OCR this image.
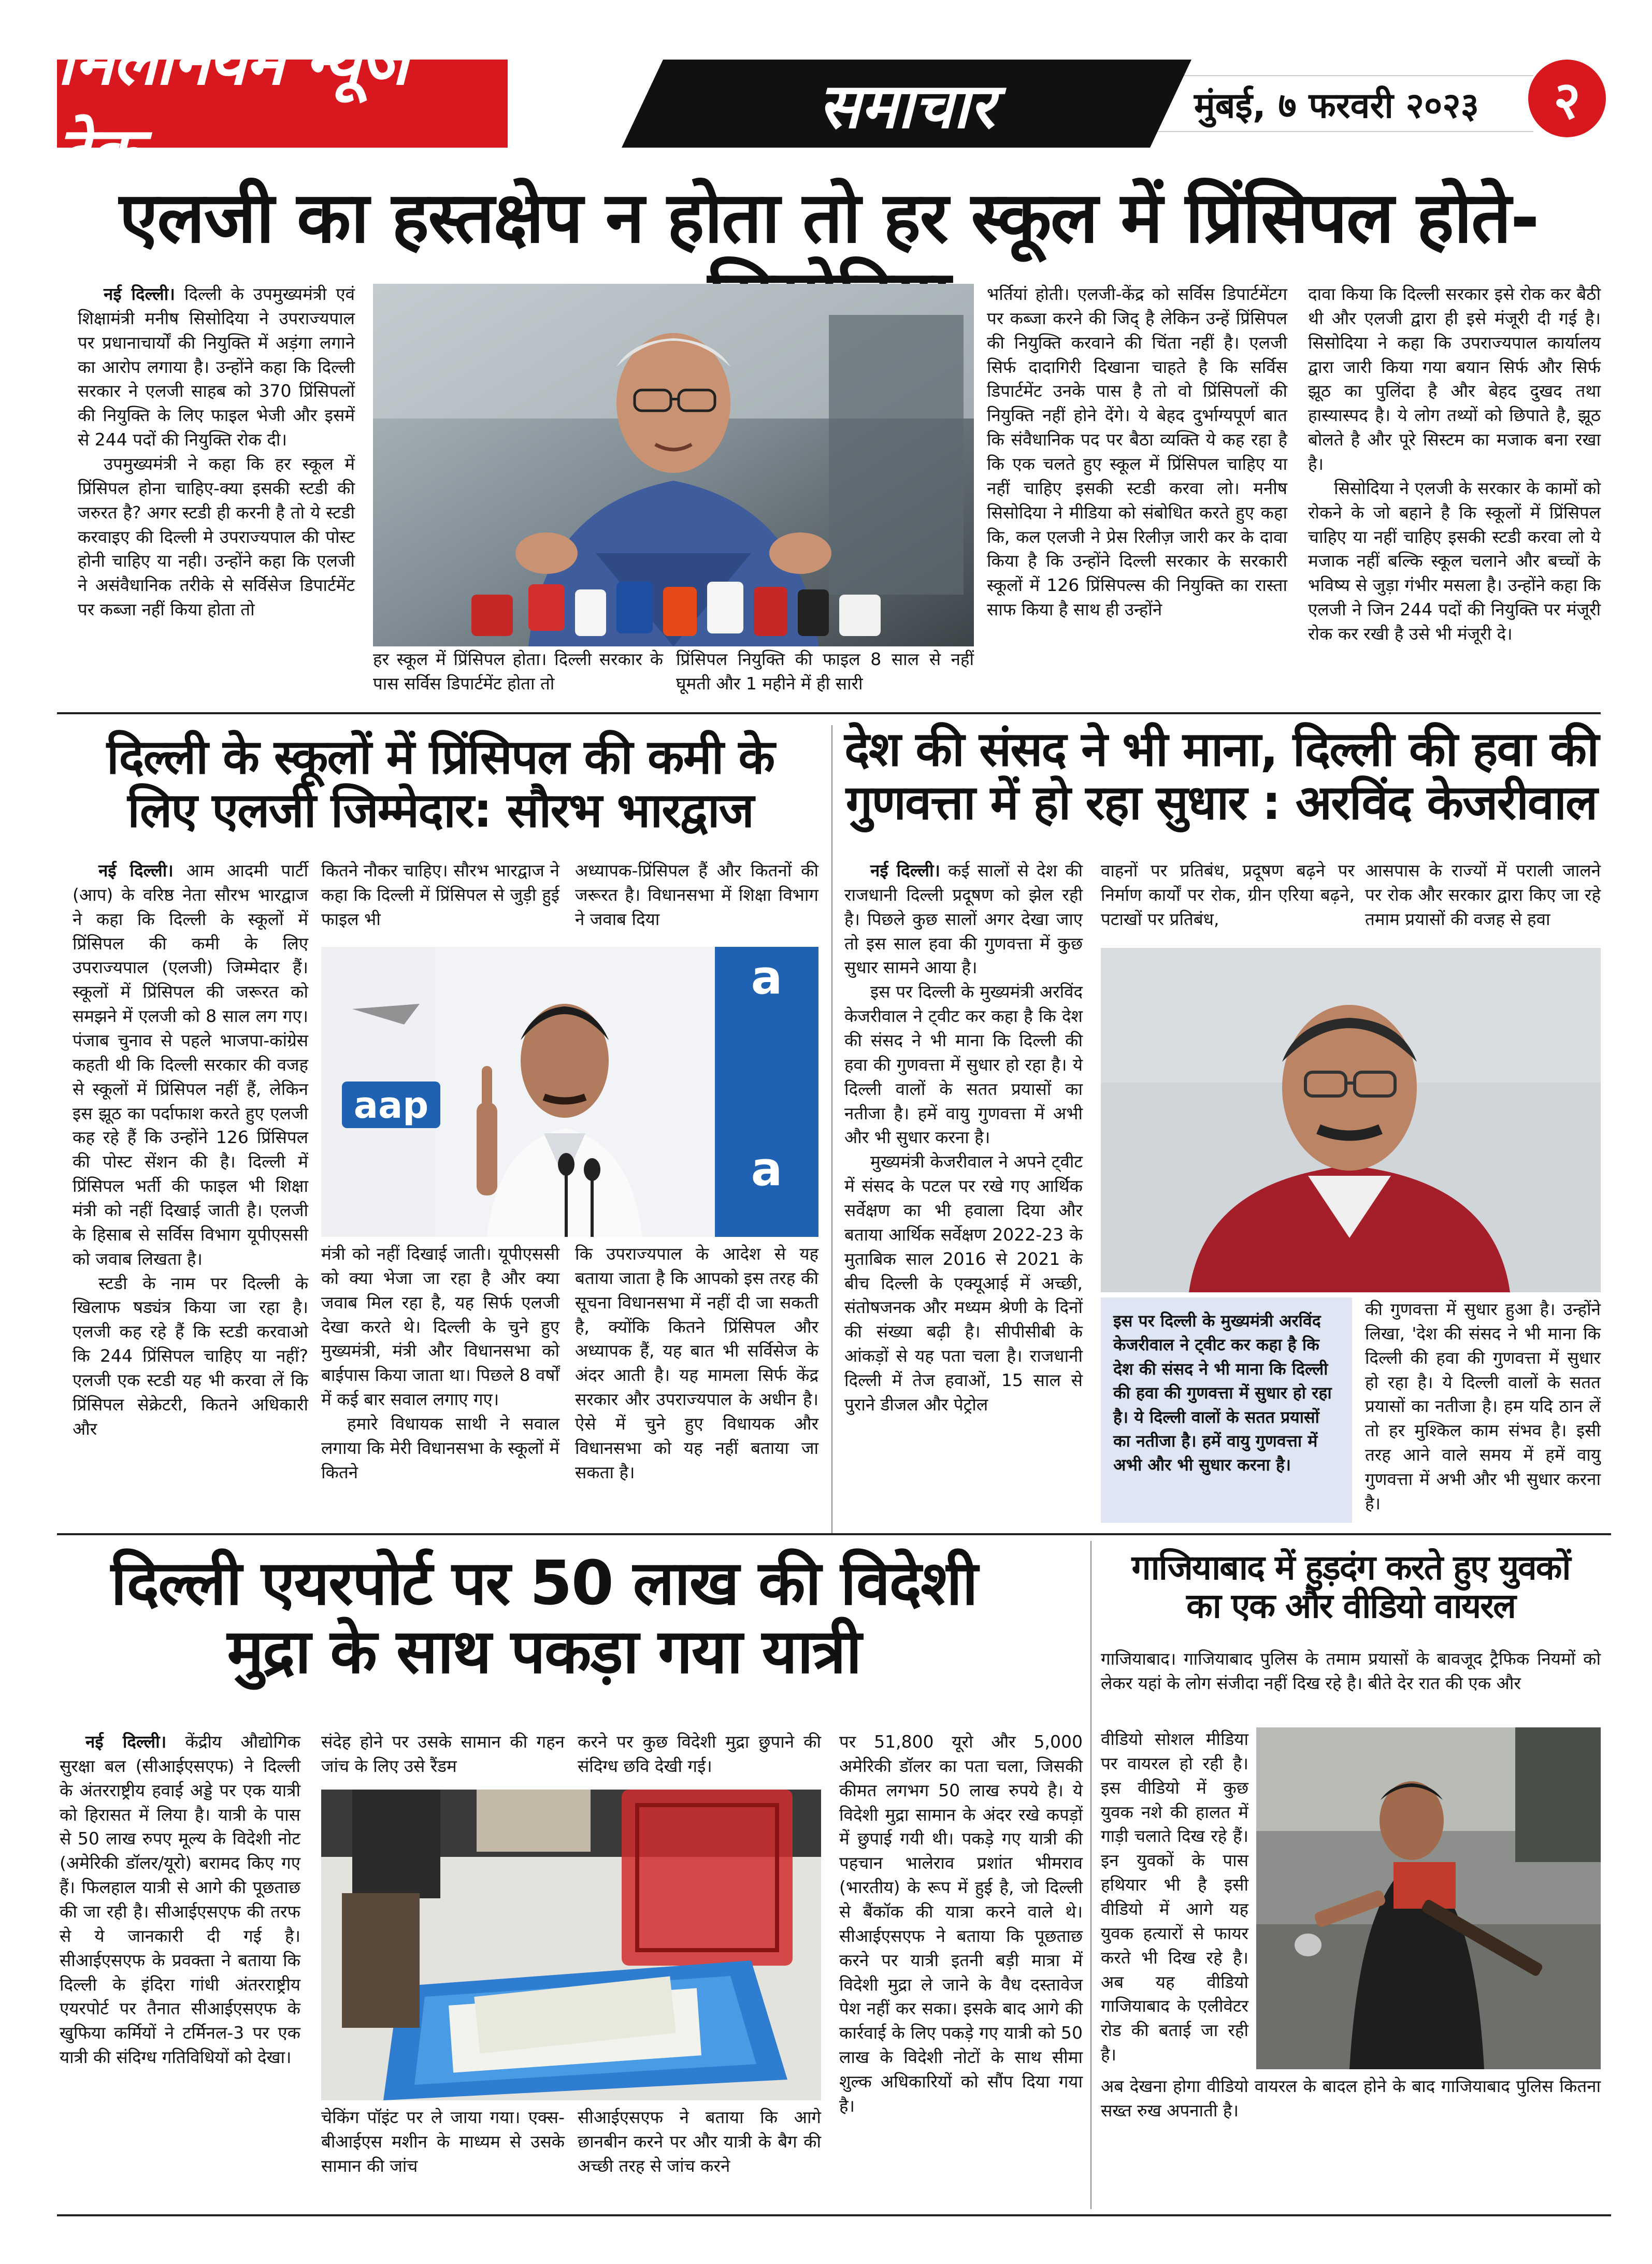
मिलेनियम न्यूज टेक
समाचार	मुंबई, ७ फरवरी २०२३	२
एलजी का हस्तक्षेप न होता तो हर स्कूल में प्रिंसिपल होते-

नई दिल्ली। दिल्ली के उपमुख्यमंत्री एवं शिक्षामंत्री मनीष सिसोदिया ने उपराज्यपाल पर प्रधानाचार्यों की नियुक्ति में अड़ंगा लगाने का आरोप लगाया है। उन्होंने कहा कि दिल्ली सरकार ने एलजी साहब को 370 प्रिंसिपलों की नियुक्ति के लिए फाइल भेजी और इसमें से 244 पदों की नियुक्ति रोक दी।

उपमुख्यमंत्री ने कहा कि हर स्कूल में प्रिंसिपल होना चाहिए-क्या इसकी स्टडी की जरुरत है? अगर स्टडी ही करनी है तो ये स्टडी करवाइए की दिल्ली मे उपराज्यपाल की पोस्ट होनी चाहिए या नही। उन्होंने कहा कि एलजी ने असंवैधानिक तरीके से सर्विसेज डिपार्टमेंट पर कब्जा नहीं किया होता तो

हर स्कूल में प्रिंसिपल होता। दिल्ली सरकार के पास सर्विस डिपार्टमेंट होता तो
प्रिंसिपल नियुक्ति की फाइल 8 साल से नहीं घूमती और 1 महीने में ही सारी
भर्तियां होती। एलजी-केंद्र को सर्विस डिपार्टमेंटग पर कब्जा करने की जिद् है लेकिन उन्हें प्रिंसिपल की नियुक्ति करवाने की चिंता नहीं है। एलजी सिर्फ दादागिरी दिखाना चाहते है कि सर्विस डिपार्टमेंट उनके पास है तो वो प्रिंसिपलों की नियुक्ति नहीं होने देंगे। ये बेहद दुर्भाग्यपूर्ण बात कि संवैधानिक पद पर बैठा व्यक्ति ये कह रहा है कि एक चलते हुए स्कूल में प्रिंसिपल चाहिए या नहीं चाहिए इसकी स्टडी करवा लो। मनीष सिसोदिया ने मीडिया को संबोधित करते हुए कहा कि, कल एलजी ने प्रेस रिलीज़ जारी कर के दावा किया है कि उन्होंने दिल्ली सरकार के सरकारी स्कूलों में 126 प्रिंसिपल्स की नियुक्ति का रास्ता साफ किया है साथ ही उन्होंने

दावा किया कि दिल्ली सरकार इसे रोक कर बैठी थी और एलजी द्वारा ही इसे मंजूरी दी गई है। सिसोदिया ने कहा कि उपराज्यपाल कार्यालय द्वारा जारी किया गया बयान सिर्फ और सिर्फ झूठ का पुलिंदा है और बेहद दुखद तथा हास्यास्पद है। ये लोग तथ्यों को छिपाते है, झूठ बोलते है और पूरे सिस्टम का मजाक बना रखा है।

सिसोदिया ने एलजी के सरकार के कामों को रोकने के जो बहाने है कि स्कूलों में प्रिंसिपल चाहिए या नहीं चाहिए इसकी स्टडी करवा लो ये मजाक नहीं बल्कि स्कूल चलाने और बच्चों के भविष्य से जुड़ा गंभीर मसला है। उन्होंने कहा कि एलजी ने जिन 244 पदों की नियुक्ति पर मंजूरी रोक कर रखी है उसे भी मंजूरी दे।

दिल्ली के स्कूलों में प्रिंसिपल की कमी के
लिए एलजी जिम्मेदार: सौरभ भारद्वाज

नई दिल्ली। आम आदमी पार्टी (आप) के वरिष्ठ नेता सौरभ भारद्वाज ने कहा कि दिल्ली के स्कूलों में प्रिंसिपल की कमी के लिए उपराज्यपाल (एलजी) जिम्मेदार हैं। स्कूलों में प्रिंसिपल की जरूरत को समझने में एलजी को 8 साल लग गए। पंजाब चुनाव से पहले भाजपा-कांग्रेस कहती थी कि दिल्ली सरकार की वजह से स्कूलों में प्रिंसिपल नहीं हैं, लेकिन इस झूठ का पर्दाफाश करते हुए एलजी कह रहे हैं कि उन्होंने 126 प्रिंसिपल की पोस्ट सेंशन की है। दिल्ली में प्रिंसिपल भर्ती की फाइल भी शिक्षा मंत्री को नहीं दिखाई जाती है। एलजी के हिसाब से सर्विस विभाग यूपीएससी को जवाब लिखता है।

स्टडी के नाम पर दिल्ली के खिलाफ षड्यंत्र किया जा रहा है। एलजी कह रहे हैं कि स्टडी करवाओ कि 244 प्रिंसिपल चाहिए या नहीं? एलजी एक स्टडी यह भी करवा लें कि प्रिंसिपल सेक्रेटरी, कितने अधिकारी और

कितने नौकर चाहिए। सौरभ भारद्वाज ने कहा कि दिल्ली में प्रिंसिपल से जुड़ी हुई फाइल भी
अध्यापक-प्रिंसिपल हैं और कितनों की जरूरत है। विधानसभा में शिक्षा विभाग ने जवाब दिया
aap
a
a

मंत्री को नहीं दिखाई जाती। यूपीएससी को क्या भेजा जा रहा है और क्या जवाब मिल रहा है, यह सिर्फ एलजी देखा करते थे। दिल्ली के चुने हुए मुख्यमंत्री, मंत्री और विधानसभा को बाईपास किया जाता था। पिछले 8 वर्षों में कई बार सवाल लगाए गए।

हमारे विधायक साथी ने सवाल लगाया कि मेरी विधानसभा के स्कूलों में कितने

कि उपराज्यपाल के आदेश से यह बताया जाता है कि आपको इस तरह की सूचना विधानसभा में नहीं दी जा सकती है, क्योंकि कितने प्रिंसिपल और अध्यापक हैं, यह बात भी सर्विसेज के अंदर आती है। यह मामला सिर्फ केंद्र सरकार और उपराज्यपाल के अधीन है। ऐसे में चुने हुए विधायक और विधानसभा को यह नहीं बताया जा सकता है।
देश की संसद ने भी माना, दिल्ली की हवा की
गुणवत्ता में हो रहा सुधार : अरविंद केजरीवाल

नई दिल्ली। कई सालों से देश की राजधानी दिल्ली प्रदूषण को झेल रही है। पिछले कुछ सालों अगर देखा जाए तो इस साल हवा की गुणवत्ता में कुछ सुधार सामने आया है।

इस पर दिल्ली के मुख्यमंत्री अरविंद केजरीवाल ने ट्वीट कर कहा है कि देश की संसद ने भी माना कि दिल्ली की हवा की गुणवत्ता में सुधार हो रहा है। ये दिल्ली वालों के सतत प्रयासों का नतीजा है। हमें वायु गुणवत्ता में अभी और भी सुधार करना है।

मुख्यमंत्री केजरीवाल ने अपने ट्वीट में संसद के पटल पर रखे गए आर्थिक सर्वेक्षण का भी हवाला दिया और बताया आर्थिक सर्वेक्षण 2022-23 के मुताबिक साल 2016 से 2021 के बीच दिल्ली के एक्यूआई में अच्छी, संतोषजनक और मध्यम श्रेणी के दिनों की संख्या बढ़ी है। सीपीसीबी के आंकड़ों से यह पता चला है। राजधानी दिल्ली में तेज हवाओं, 15 साल से पुराने डीजल और पेट्रोल

वाहनों पर प्रतिबंध, प्रदूषण बढ़ने पर निर्माण कार्यों पर रोक, ग्रीन एरिया बढ़ने, पटाखों पर प्रतिबंध,
आसपास के राज्यों में पराली जालने पर रोक और सरकार द्वारा किए जा रहे तमाम प्रयासों की वजह से हवा
इस पर दिल्ली के मुख्यमंत्री अरविंद केजरीवाल ने ट्वीट कर कहा है कि देश की संसद ने भी माना कि दिल्ली की हवा की गुणवत्ता में सुधार हो रहा है। ये दिल्ली वालों के सतत प्रयासों का नतीजा है। हमें वायु गुणवत्ता में अभी और भी सुधार करना है।
की गुणवत्ता में सुधार हुआ है। उन्होंने लिखा, 'देश की संसद ने भी माना कि दिल्ली की हवा की गुणवत्ता में सुधार हो रहा है। ये दिल्ली वालों के सतत प्रयासों का नतीजा है। हम यदि ठान लें तो हर मुश्किल काम संभव है। इसी तरह आने वाले समय में हमें वायु गुणवत्ता में अभी और भी सुधार करना है।
दिल्ली एयरपोर्ट पर 50 लाख की विदेशी
मुद्रा के साथ पकड़ा गया यात्री

नई दिल्ली। केंद्रीय औद्योगिक सुरक्षा बल (सीआईएसएफ) ने दिल्ली के अंतरराष्ट्रीय हवाई अड्डे पर एक यात्री को हिरासत में लिया है। यात्री के पास से 50 लाख रुपए मूल्य के विदेशी नोट (अमेरिकी डॉलर/यूरो) बरामद किए गए हैं। फिलहाल यात्री से आगे की पूछताछ की जा रही है। सीआईएसएफ की तरफ से ये जानकारी दी गई है। सीआईएसएफ के प्रवक्ता ने बताया कि दिल्ली के इंदिरा गांधी अंतरराष्ट्रीय एयरपोर्ट पर तैनात सीआईएसएफ के खुफिया कर्मियों ने टर्मिनल-3 पर एक यात्री की संदिग्ध गतिविधियों को देखा।

संदेह होने पर उसके सामान की गहन जांच के लिए उसे रैंडम
करने पर कुछ विदेशी मुद्रा छुपाने की संदिग्ध छवि देखी गई।
चेकिंग पॉइंट पर ले जाया गया। एक्स-बीआईएस मशीन के माध्यम से उसके सामान की जांच
सीआईएसएफ ने बताया कि आगे छानबीन करने पर और यात्री के बैग की अच्छी तरह से जांच करने
पर 51,800 यूरो और 5,000 अमेरिकी डॉलर का पता चला, जिसकी कीमत लगभग 50 लाख रुपये है। ये विदेशी मुद्रा सामान के अंदर रखे कपड़ों में छुपाई गयी थी। पकड़े गए यात्री की पहचान भालेराव प्रशांत भीमराव (भारतीय) के रूप में हुई है, जो दिल्ली से बैंकॉक की यात्रा करने वाले थे। सीआईएसएफ ने बताया कि पूछताछ करने पर यात्री इतनी बड़ी मात्रा में विदेशी मुद्रा ले जाने के वैध दस्तावेज पेश नहीं कर सका। इसके बाद आगे की कार्रवाई के लिए पकड़े गए यात्री को 50 लाख के विदेशी नोटों के साथ सीमा शुल्क अधिकारियों को सौंप दिया गया है।
गाजियाबाद में हुड़दंग करते हुए युवकों
का एक और वीडियो वायरल
गाजियाबाद। गाजियाबाद पुलिस के तमाम प्रयासों के बावजूद ट्रैफिक नियमों को लेकर यहां के लोग संजीदा नहीं दिख रहे है। बीते देर रात की एक और
वीडियो सोशल मीडिया पर वायरल हो रही है। इस वीडियो में कुछ युवक नशे की हालत में गाड़ी चलाते दिख रहे हैं। इन युवकों के पास हथियार भी है इसी वीडियो में आगे यह युवक हत्यारों से फायर करते भी दिख रहे है। अब यह वीडियो गाजियाबाद के एलीवेटर रोड की बताई जा रही है।
अब देखना होगा वीडियो वायरल के बादल होने के बाद गाजियाबाद पुलिस कितना सख्त रुख अपनाती है।
